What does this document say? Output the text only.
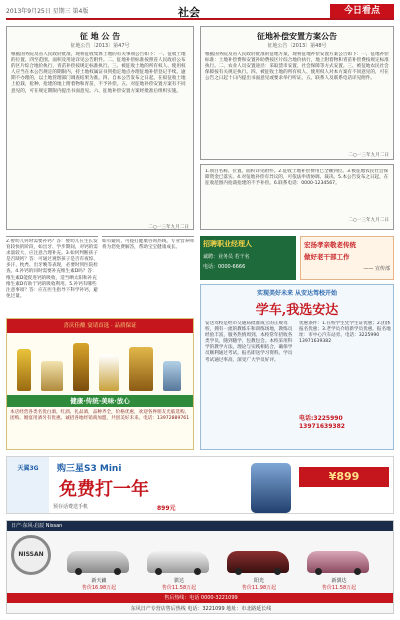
2013年9月25日 星期三 第4版	社会	今日看点
征 地 公 告
征地公告〔2013〕第47号
根据国务院及省人民政府批准，现将征收集体土地的有关事项公告如下：一、征收土地的位置、四至范围、面积及用途详见公告附件。二、征地补偿标准按照省人民政府公布的区片综合地价执行，青苗补偿按规定标准执行。三、被征收土地的所有权人、使用权人应当在本公告规定的期限内，持土地权属证书到指定地点办理征地补偿登记手续。逾期不办理的，以土地管理部门调查结果为准。四、自本公告发布之日起，在拟征收土地上抢栽、抢种、抢建的地上附着物和青苗，不予补偿。五、对征地补偿安置方案有不同意见的，可在规定期限内提出书面意见。六、征地补偿安置方案经批准后组织实施。
二○一三年九月二日
征地补偿安置方案公告
征地公告〔2013〕第48号
根据国务院及省人民政府批准的征地方案，现将征地补偿安置方案公告如下：一、征地补偿标准：土地补偿费和安置补助费按区片综合地价执行，地上附着物和青苗补偿费按规定标准执行。二、农业人员安置途径：采取货币安置、社会保障等方式安置。三、被征地农民社会保障按有关规定执行。四、被征收土地的所有权人、使用权人对本方案有不同意见的，可在公告之日起十日内提出书面意见或要求举行听证。五、联系人及联系电话详见附件。
二○一三年九月二日
1.项目名称、位置、面积详见附件。2.征收土地补偿费用已全额到位。3.被征地农民社会保障资金已落实。4.对征地补偿有异议的，可依法申请协调、裁决。5.本公告发布之日起，在征收范围内抢栽抢建的不予补偿。6.联系电话：0000-1234567。
二○一三年九月二日
2.婴幼儿何时需要补钙？答：婴幼儿在生长发育较快的阶段，如出牙、学步期间，对钙的需求量较大，应注意合理补充。3.如何判断孩子是否缺钙？答：可通过观察孩子是否有夜惊、多汗、枕秃、出牙晚等表现，必要时到医院检查。4.补钙的同时需要补充维生素D吗？答：维生素D能促进钙的吸收，适当晒太阳和补充维生素D有助于钙的吸收利用。5.补钙有哪些注意事项？答：应在医生指导下科学补钙，避免过量。
如有疑问，可拨打健康咨询热线，专业营养师将为您免费解答，帮助宝宝健康成长。
喜庆佳酿 宴请首选 · 品质保证
健康·传统·美味·放心
本店经营各类名优白酒、红酒、礼品酒，品种齐全，价格优惠，欢迎各界朋友光临选购。团购、婚宴用酒另有优惠。诚招各地经销商加盟，共创美好未来。电话：13972889761
招聘职业经理人
诚聘：业务员 若干名
电话：0000-6666
宏扬孝亲敬老传统
做好老干部工作
—— 宣传部
实现美好未来 从安达驾校开始
学车,我选安达
安达驾校是经市交通局批准成立的正规驾校，拥有一流的教练车和训练场地，教练员经验丰富，服务热情周到。本校常年招收各类学员，随到随学，包教包会。本校采用科学的教学方法，理论与实践相结合，确保学员顺利通过考试。报名即送学习资料。学员考试通过率高，深受广大学员好评。
优惠条件：1.在校学生凭学生证优惠；2.团体报名优惠；3.老学员介绍新学员优惠。报名地址：市中心汽车站旁。电话：3225990 13971639382
电话:3225990
13971639382
天翼3G	购三星S3 Mini
免费打一年
预存话费送手机	899元
¥899
日产·东风·启辰 Nissan
NISSAN
新天籁
售价16.98万起
骐达
售价11.58万起
阳光
售价11.98万起
新骐达
售价11.58万起
售后热线：电话 0000-3221099
东风日产专营店售后热线 电话：3221099 地址：市北路延长线
